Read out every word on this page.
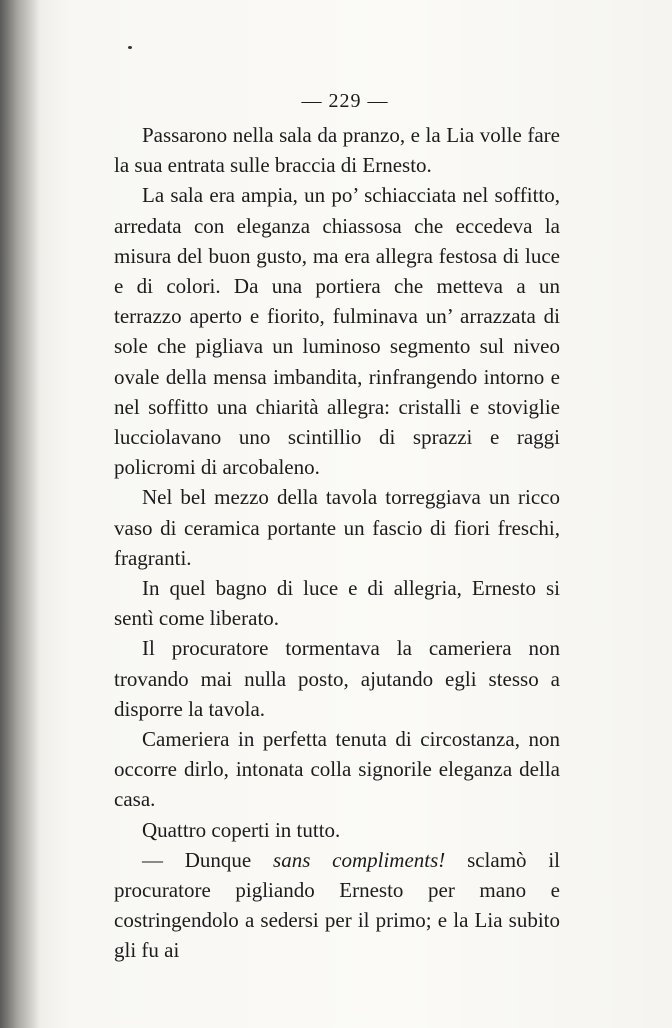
— 229 —

Passarono nella sala da pranzo, e la Lia volle fare la sua entrata sulle braccia di Ernesto.

La sala era ampia, un po’ schiacciata nel soffitto, arredata con eleganza chiassosa che eccedeva la misura del buon gusto, ma era allegra festosa di luce e di colori. Da una portiera che metteva a un terrazzo aperto e fiorito, fulminava un’ arrazzata di sole che pigliava un luminoso segmento sul niveo ovale della mensa imbandita, rinfrangendo intorno e nel soffitto una chiarità allegra: cristalli e stoviglie lucciolavano uno scintillio di sprazzi e raggi policromi di arcobaleno.

Nel bel mezzo della tavola torreggiava un ricco vaso di ceramica portante un fascio di fiori freschi, fragranti.

In quel bagno di luce e di allegria, Ernesto si sentì come liberato.

Il procuratore tormentava la cameriera non trovando mai nulla posto, ajutando egli stesso a disporre la tavola.

Cameriera in perfetta tenuta di circostanza, non occorre dirlo, intonata colla signorile eleganza della casa.

Quattro coperti in tutto.

— Dunque sans compliments! sclamò il procuratore pigliando Ernesto per mano e costringendolo a sedersi per il primo; e la Lia subito gli fu ai
